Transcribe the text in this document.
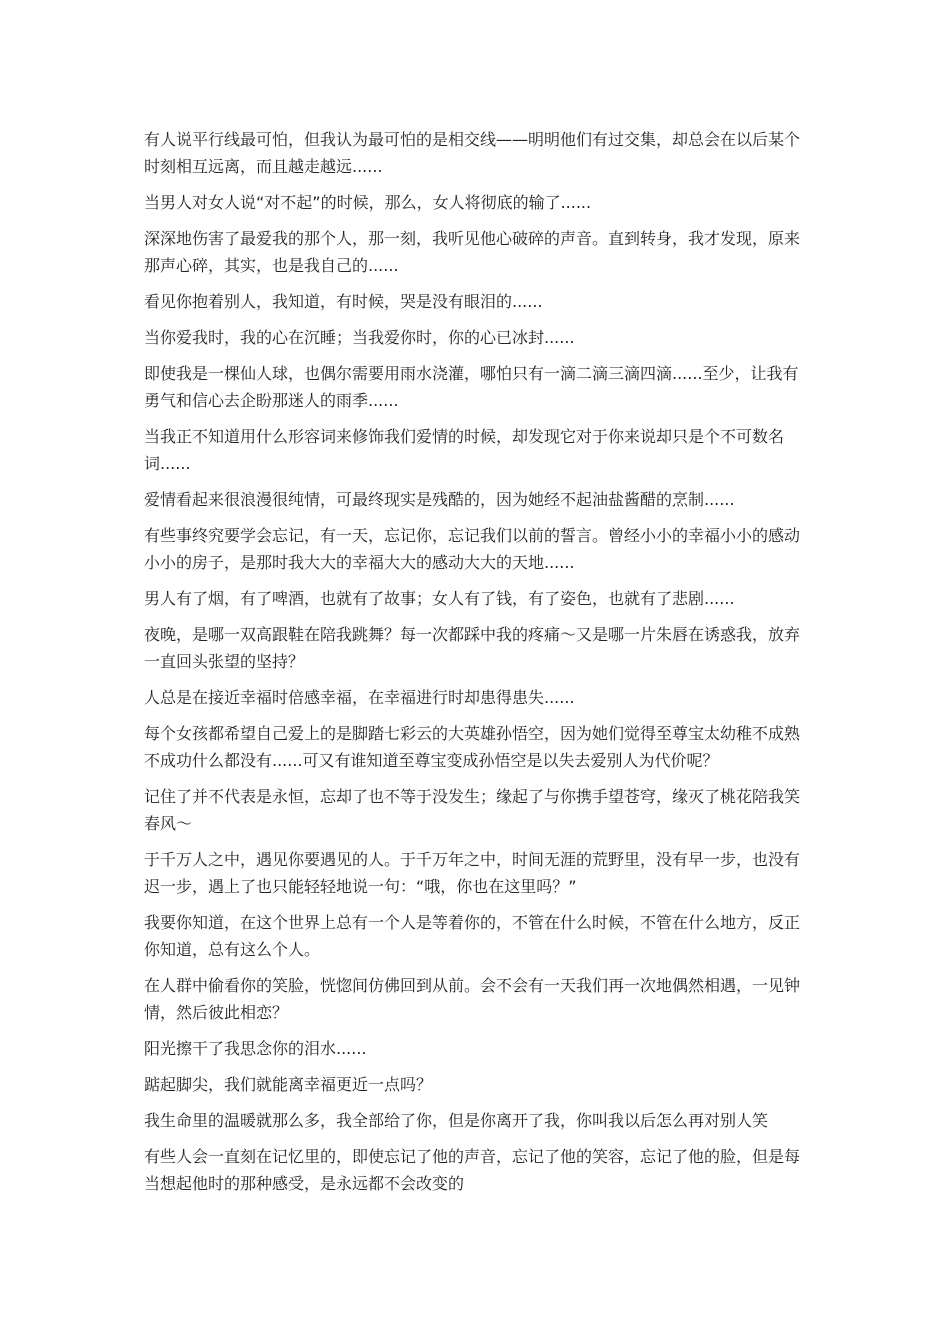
有人说平行线最可怕，但我认为最可怕的是相交线——明明他们有过交集，却总会在以后某个时刻相互远离，而且越走越远......

当男人对女人说“对不起”的时候，那么，女人将彻底的输了......

深深地伤害了最爱我的那个人，那一刻，我听见他心破碎的声音。直到转身，我才发现，原来那声心碎，其实，也是我自己的......

看见你抱着别人，我知道，有时候，哭是没有眼泪的......

当你爱我时，我的心在沉睡；当我爱你时，你的心已冰封......

即使我是一棵仙人球，也偶尔需要用雨水浇灌，哪怕只有一滴二滴三滴四滴......至少，让我有勇气和信心去企盼那迷人的雨季......

当我正不知道用什么形容词来修饰我们爱情的时候，却发现它对于你来说却只是个不可数名词......

爱情看起来很浪漫很纯情，可最终现实是残酷的，因为她经不起油盐酱醋的烹制......

有些事终究要学会忘记，有一天，忘记你，忘记我们以前的誓言。曾经小小的幸福小小的感动小小的房子，是那时我大大的幸福大大的感动大大的天地......

男人有了烟，有了啤酒，也就有了故事；女人有了钱，有了姿色，也就有了悲剧......

夜晚，是哪一双高跟鞋在陪我跳舞？每一次都踩中我的疼痛～又是哪一片朱唇在诱惑我，放弃一直回头张望的坚持？

人总是在接近幸福时倍感幸福，在幸福进行时却患得患失......

每个女孩都希望自己爱上的是脚踏七彩云的大英雄孙悟空，因为她们觉得至尊宝太幼稚不成熟不成功什么都没有......可又有谁知道至尊宝变成孙悟空是以失去爱别人为代价呢？

记住了并不代表是永恒，忘却了也不等于没发生；缘起了与你携手望苍穹，缘灭了桃花陪我笑春风～

于千万人之中，遇见你要遇见的人。于千万年之中，时间无涯的荒野里，没有早一步，也没有迟一步，遇上了也只能轻轻地说一句：“哦，你也在这里吗？”

我要你知道，在这个世界上总有一个人是等着你的，不管在什么时候，不管在什么地方，反正你知道，总有这么个人。

在人群中偷看你的笑脸，恍惚间仿佛回到从前。会不会有一天我们再一次地偶然相遇，一见钟情，然后彼此相恋？

阳光擦干了我思念你的泪水......

踮起脚尖，我们就能离幸福更近一点吗？

我生命里的温暖就那么多，我全部给了你，但是你离开了我，你叫我以后怎么再对别人笑

有些人会一直刻在记忆里的，即使忘记了他的声音，忘记了他的笑容，忘记了他的脸，但是每当想起他时的那种感受，是永远都不会改变的
